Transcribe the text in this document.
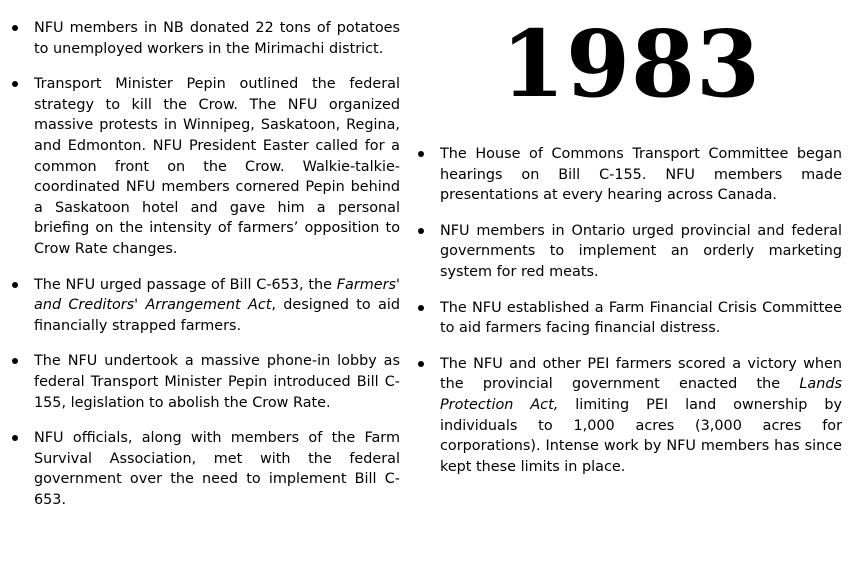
NFU members in NB donated 22 tons of potatoes to unemployed workers in the Mirimachi district.
Transport Minister Pepin outlined the federal strategy to kill the Crow. The NFU organized massive protests in Winnipeg, Saskatoon, Regina, and Edmonton. NFU President Easter called for a common front on the Crow. Walkie-talkie-coordinated NFU members cornered Pepin behind a Saskatoon hotel and gave him a personal briefing on the intensity of farmers’ opposition to Crow Rate changes.
The NFU urged passage of Bill C-653, the Farmers' and Creditors' Arrangement Act, designed to aid financially strapped farmers.
The NFU undertook a massive phone-in lobby as federal Transport Minister Pepin introduced Bill C-155, legislation to abolish the Crow Rate.
NFU officials, along with members of the Farm Survival Association, met with the federal government over the need to implement Bill C-653.
1983
The House of Commons Transport Committee began hearings on Bill C-155. NFU members made presentations at every hearing across Canada.
NFU members in Ontario urged provincial and federal governments to implement an orderly marketing system for red meats.
The NFU established a Farm Financial Crisis Committee to aid farmers facing financial distress.
The NFU and other PEI farmers scored a victory when the provincial government enacted the Lands Protection Act, limiting PEI land ownership by individuals to 1,000 acres (3,000 acres for corporations). Intense work by NFU members has since kept these limits in place.
